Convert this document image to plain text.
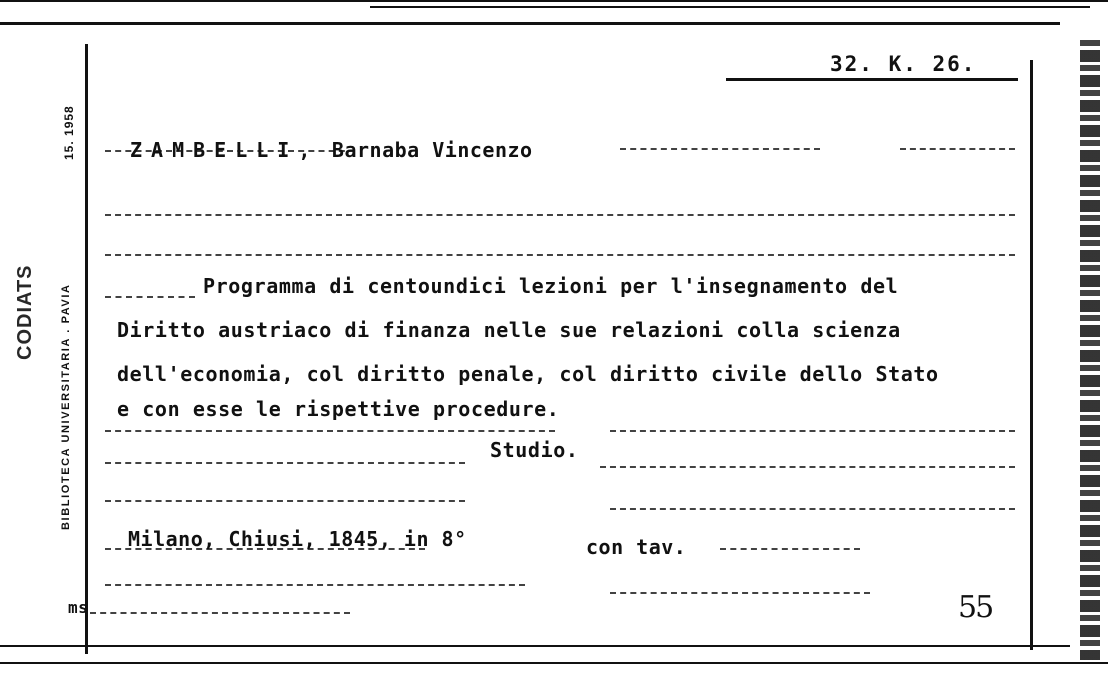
BIBLIOTECA UNIVERSITARIA . PAVIA
15. 1958
CODIATS
32. K. 26.
ZAMBELLI, Barnaba Vincenzo
Programma di centoundici lezioni per l'insegnamento del
Diritto austriaco di finanza nelle sue relazioni colla scienza
dell'economia, col diritto penale, col diritto civile dello Stato
e con esse le rispettive procedure.
Studio.
Milano, Chiusi, 1845, in 8°	con tav.
ms	55
